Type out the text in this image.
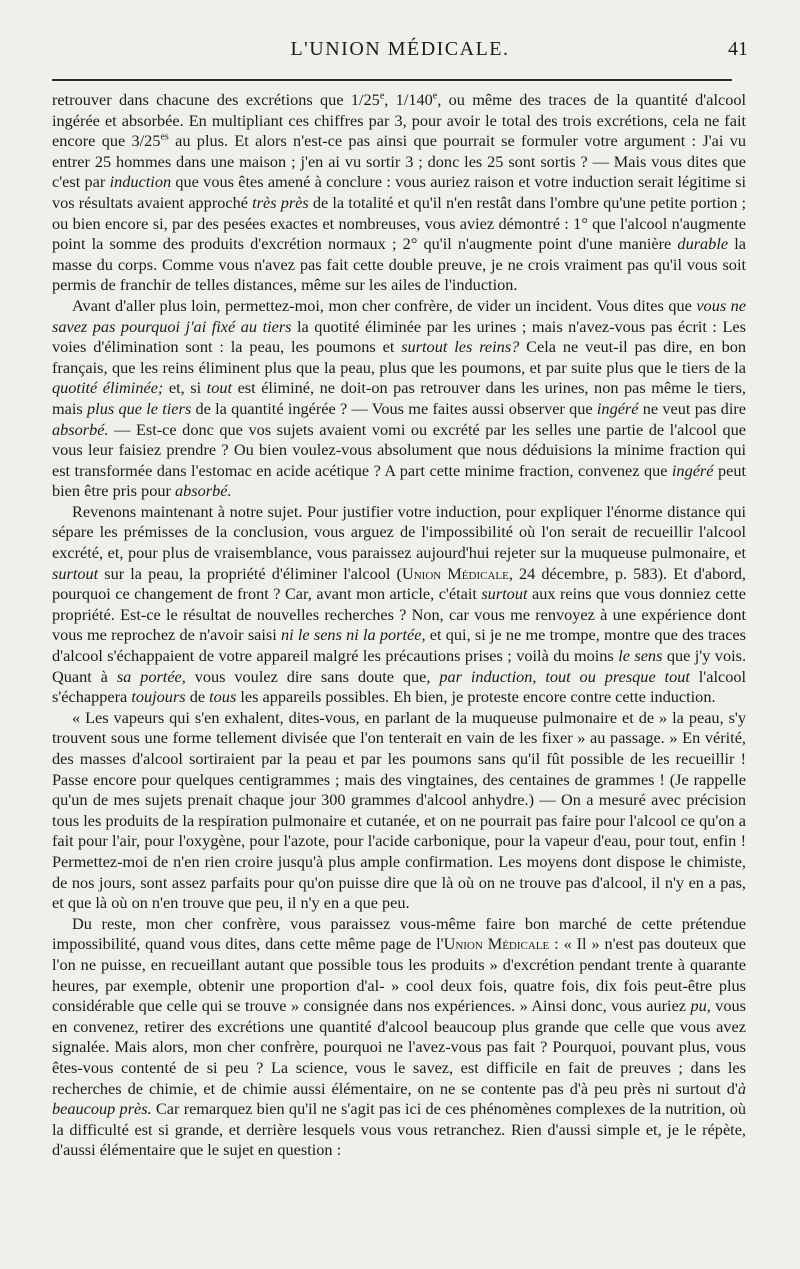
L'UNION MÉDICALE.	41

retrouver dans chacune des excrétions que 1/25e, 1/140e, ou même des traces de la quantité d'alcool ingérée et absorbée. En multipliant ces chiffres par 3, pour avoir le total des trois excrétions, cela ne fait encore que $3/25^{es}$ au plus. Et alors n'est-ce pas ainsi que pourrait se formuler votre argument : J'ai vu entrer 25 hommes dans une maison ; j'en ai vu sortir 3 ; donc les 25 sont sortis ? — Mais vous dites que c'est par induction que vous êtes amené à conclure : vous auriez raison et votre induction serait légitime si vos résultats avaient approché très près de la totalité et qu'il n'en restât dans l'ombre qu'une petite portion ; ou bien encore si, par des pesées exactes et nombreuses, vous aviez démontré : 1° que l'alcool n'augmente point la somme des produits d'excrétion normaux ; 2° qu'il n'augmente point d'une manière durable la masse du corps. Comme vous n'avez pas fait cette double preuve, je ne crois vraiment pas qu'il vous soit permis de franchir de telles distances, même sur les ailes de l'induction.

Avant d'aller plus loin, permettez-moi, mon cher confrère, de vider un incident. Vous dites que vous ne savez pas pourquoi j'ai fixé au tiers la quotité éliminée par les urines ; mais n'avez-vous pas écrit : Les voies d'élimination sont : la peau, les poumons et surtout les reins? Cela ne veut-il pas dire, en bon français, que les reins éliminent plus que la peau, plus que les poumons, et par suite plus que le tiers de la quotité éliminée; et, si tout est éliminé, ne doit-on pas retrouver dans les urines, non pas même le tiers, mais plus que le tiers de la quantité ingérée ? — Vous me faites aussi observer que ingéré ne veut pas dire absorbé. — Est-ce donc que vos sujets avaient vomi ou excrété par les selles une partie de l'alcool que vous leur faisiez prendre ? Ou bien voulez-vous absolument que nous déduisions la minime fraction qui est transformée dans l'estomac en acide acétique ? A part cette minime fraction, convenez que ingéré peut bien être pris pour absorbé.

Revenons maintenant à notre sujet. Pour justifier votre induction, pour expliquer l'énorme distance qui sépare les prémisses de la conclusion, vous arguez de l'impossibilité où l'on serait de recueillir l'alcool excrété, et, pour plus de vraisemblance, vous paraissez aujourd'hui rejeter sur la muqueuse pulmonaire, et surtout sur la peau, la propriété d'éliminer l'alcool (Union Médicale, 24 décembre, p. 583). Et d'abord, pourquoi ce changement de front ? Car, avant mon article, c'était surtout aux reins que vous donniez cette propriété. Est-ce le résultat de nouvelles recherches ? Non, car vous me renvoyez à une expérience dont vous me reprochez de n'avoir saisi ni le sens ni la portée, et qui, si je ne me trompe, montre que des traces d'alcool s'échappaient de votre appareil malgré les précautions prises ; voilà du moins le sens que j'y vois. Quant à sa portée, vous voulez dire sans doute que, par induction, tout ou presque tout l'alcool s'échappera toujours de tous les appareils possibles. Eh bien, je proteste encore contre cette induction.

« Les vapeurs qui s'en exhalent, dites-vous, en parlant de la muqueuse pulmonaire et de » la peau, s'y trouvent sous une forme tellement divisée que l'on tenterait en vain de les fixer » au passage. » En vérité, des masses d'alcool sortiraient par la peau et par les poumons sans qu'il fût possible de les recueillir ! Passe encore pour quelques centigrammes ; mais des vingtaines, des centaines de grammes ! (Je rappelle qu'un de mes sujets prenait chaque jour 300 grammes d'alcool anhydre.) — On a mesuré avec précision tous les produits de la respiration pulmonaire et cutanée, et on ne pourrait pas faire pour l'alcool ce qu'on a fait pour l'air, pour l'oxygène, pour l'azote, pour l'acide carbonique, pour la vapeur d'eau, pour tout, enfin ! Permettez-moi de n'en rien croire jusqu'à plus ample confirmation. Les moyens dont dispose le chimiste, de nos jours, sont assez parfaits pour qu'on puisse dire que là où on ne trouve pas d'alcool, il n'y en a pas, et que là où on n'en trouve que peu, il n'y en a que peu.

Du reste, mon cher confrère, vous paraissez vous-même faire bon marché de cette prétendue impossibilité, quand vous dites, dans cette même page de l'Union Médicale : « Il » n'est pas douteux que l'on ne puisse, en recueillant autant que possible tous les produits » d'excrétion pendant trente à quarante heures, par exemple, obtenir une proportion d'al- » cool deux fois, quatre fois, dix fois peut-être plus considérable que celle qui se trouve » consignée dans nos expériences. » Ainsi donc, vous auriez pu, vous en convenez, retirer des excrétions une quantité d'alcool beaucoup plus grande que celle que vous avez signalée. Mais alors, mon cher confrère, pourquoi ne l'avez-vous pas fait ? Pourquoi, pouvant plus, vous êtes-vous contenté de si peu ? La science, vous le savez, est difficile en fait de preuves ; dans les recherches de chimie, et de chimie aussi élémentaire, on ne se contente pas d'à peu près ni surtout d'à beaucoup près. Car remarquez bien qu'il ne s'agit pas ici de ces phénomènes complexes de la nutrition, où la difficulté est si grande, et derrière lesquels vous vous retranchez. Rien d'aussi simple et, je le répète, d'aussi élémentaire que le sujet en question :
